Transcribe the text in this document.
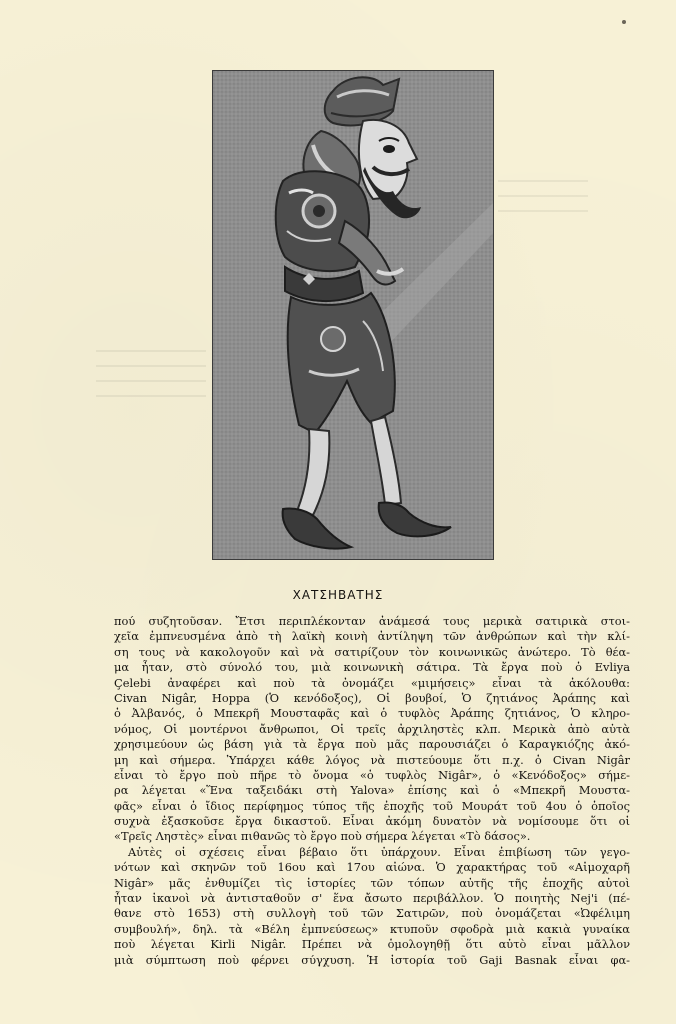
ΧΑΤΣΗΒΑΤΗΣ
πού συζητοῦσαν. Ἔτσι περιπλέκονταν ἀνάμεσά τους μερικὰ σατιρικὰ στοι-
χεῖα ἐμπνευσμένα ἀπὸ τὴ λαϊκὴ κοινὴ ἀντίληψη τῶν ἀνθρώπων καὶ τὴν κλί-
ση τους νὰ κακολογοῦν καὶ νὰ σατιρίζουν τὸν κοινωνικῶς ἀνώτερο. Τὸ θέα-
μα ἦταν, στὸ σύνολό του, μιὰ κοινωνικὴ σάτιρα. Τὰ ἔργα ποὺ ὁ Evliya
Çelebi ἀναφέρει καὶ ποὺ τὰ ὀνομάζει «μιμήσεις» εἶναι τὰ ἀκόλουθα:
Civan Nigâr, Hoppa (Ὁ κενόδοξος), Οἱ βουβοί, Ὁ ζητιάνος Ἀράπης καὶ
ὁ Ἀλβανός, ὁ Μπεκρῆ Μουσταφᾶς καὶ ὁ τυφλὸς Ἀράπης ζητιάνος, Ὁ κληρο-
νόμος, Οἱ μοντέρνοι ἄνθρωποι, Οἱ τρεῖς ἀρχιληστὲς κλπ. Μερικὰ ἀπὸ αὐτὰ
χρησιμεύουν ὡς βάση γιὰ τὰ ἔργα ποὺ μᾶς παρουσιάζει ὁ Καραγκιόζης ἀκό-
μη καὶ σήμερα. Ὑπάρχει κάθε λόγος νὰ πιστεύουμε ὅτι π.χ. ὁ Civan Nigâr
εἶναι τὸ ἔργο ποὺ πῆρε τὸ ὄνομα «ὁ τυφλὸς Nigâr», ὁ «Κενόδοξος» σήμε-
ρα λέγεται «Ἕνα ταξειδάκι στὴ Yalova» ἐπίσης καὶ ὁ «Μπεκρῆ Μουστα-
φᾶς» εἶναι ὁ ἴδιος περίφημος τύπος τῆς ἐποχῆς τοῦ Μουράτ τοῦ 4ου ὁ ὁποῖος
συχνὰ ἐξασκοῦσε ἔργα δικαστοῦ. Εἶναι ἀκόμη δυνατὸν νὰ νομίσουμε ὅτι οἱ
«Τρεῖς Ληστὲς» εἶναι πιθανῶς τὸ ἔργο ποὺ σήμερα λέγεται «Τὸ δάσος».
Αὐτὲς οἱ σχέσεις εἶναι βέβαιο ὅτι ὑπάρχουν. Εἶναι ἐπιβίωση τῶν γεγο-
νότων καὶ σκηνῶν τοῦ 16ου καὶ 17ου αἰώνα. Ὁ χαρακτήρας τοῦ «Αἱμοχαρῆ
Nigâr» μᾶς ἐνθυμίζει τὶς ἱστορίες τῶν τόπων αὐτῆς τῆς ἐποχῆς αὐτοὶ
ἦταν ἱκανοὶ νὰ ἀντισταθοῦν σ' ἕνα ἄσωτο περιβάλλον. Ὁ ποιητὴς Nej'i (πέ-
θανε στὸ 1653) στὴ συλλογὴ τοῦ τῶν Σατιρῶν, ποὺ ὀνομάζεται «Ὠφέλιμη
συμβουλή», δηλ. τὰ «Βέλη ἐμπνεύσεως» κτυποῦν σφοδρὰ μιὰ κακιὰ γυναίκα
ποὺ λέγεται Kirli Nigâr. Πρέπει νὰ ὁμολογηθῇ ὅτι αὐτὸ εἶναι μᾶλλον
μιὰ σύμπτωση ποὺ φέρνει σύγχυση. Ἡ ἱστορία τοῦ Gaji Basnak εἶναι φα-
